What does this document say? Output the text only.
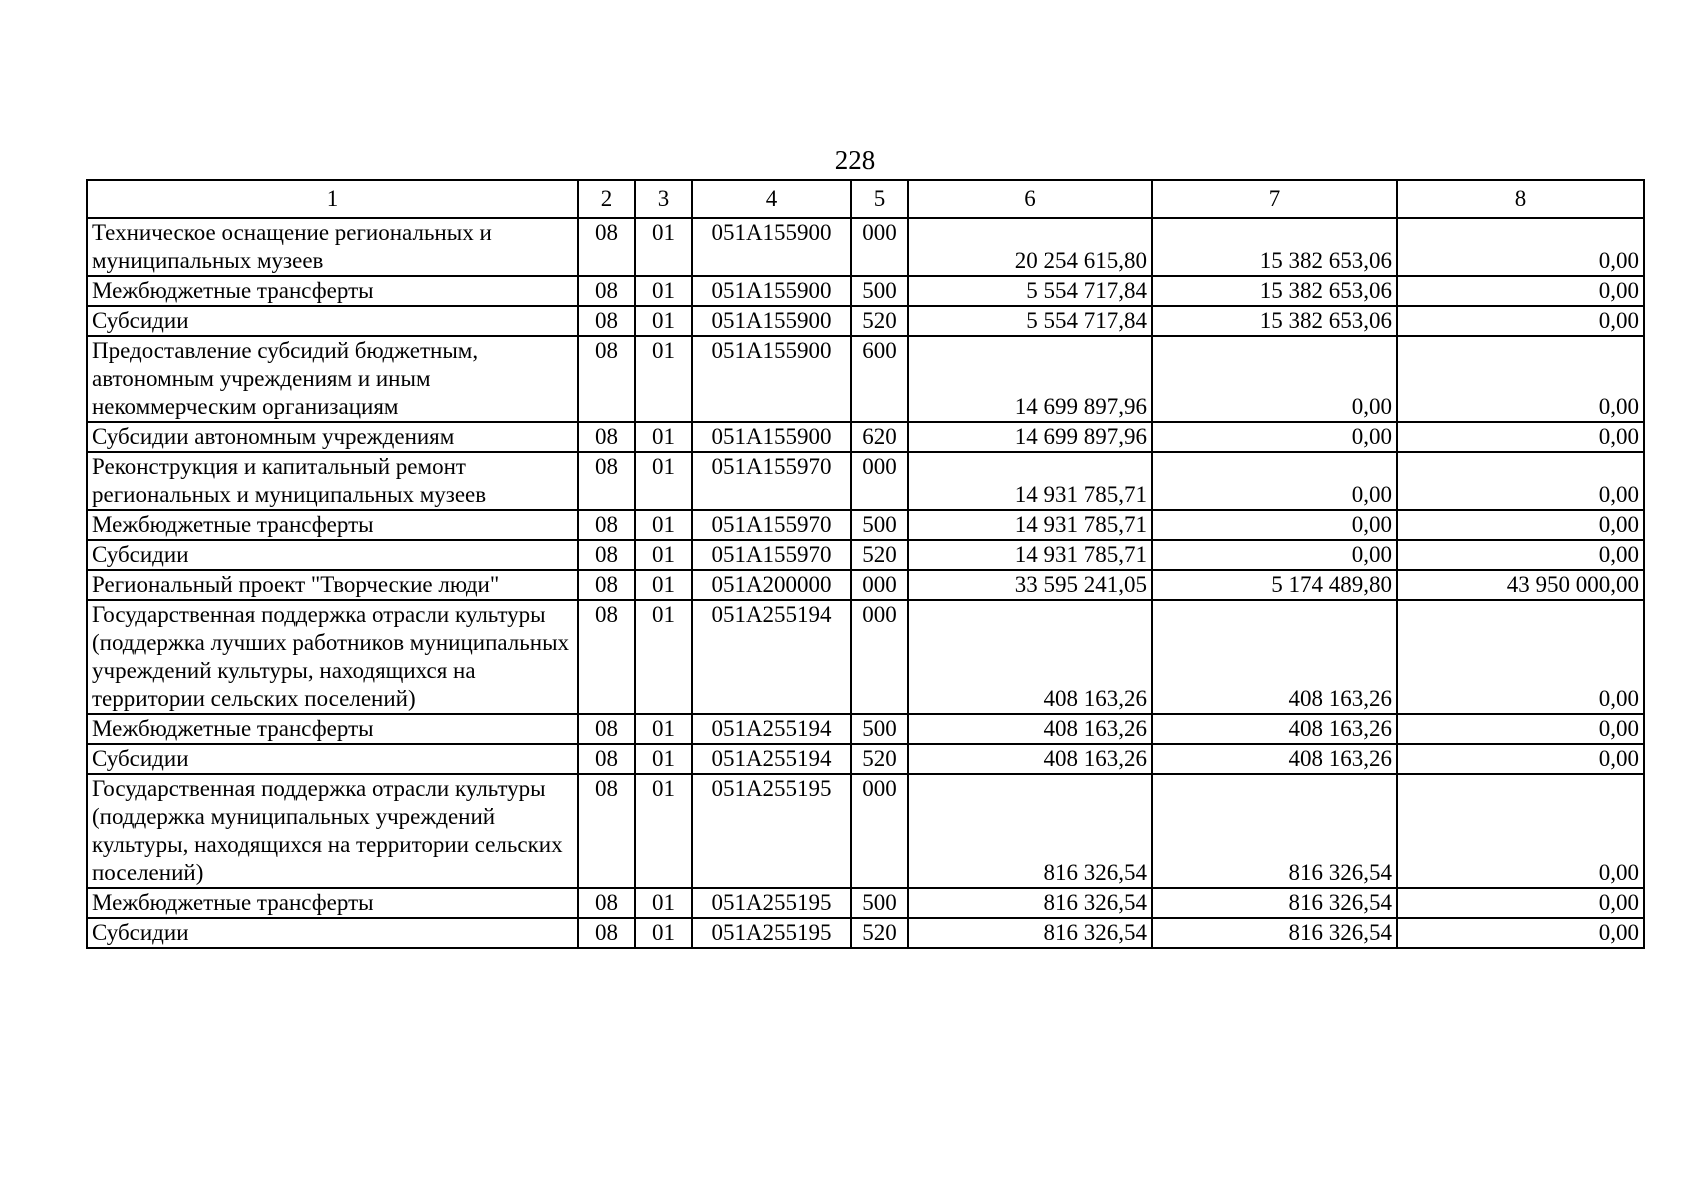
228
1	2	3	4	5	6	7	8
Техническое оснащение региональных и муниципальных музеев	08	01	051A155900	000	20 254 615,80	15 382 653,06	0,00
Межбюджетные трансферты	08	01	051A155900	500	5 554 717,84	15 382 653,06	0,00
Субсидии	08	01	051A155900	520	5 554 717,84	15 382 653,06	0,00
Предоставление субсидий бюджетным, автономным учреждениям и иным некоммерческим организациям	08	01	051A155900	600	14 699 897,96	0,00	0,00
Субсидии автономным учреждениям	08	01	051A155900	620	14 699 897,96	0,00	0,00
Реконструкция и капитальный ремонт региональных и муниципальных музеев	08	01	051A155970	000	14 931 785,71	0,00	0,00
Межбюджетные трансферты	08	01	051A155970	500	14 931 785,71	0,00	0,00
Субсидии	08	01	051A155970	520	14 931 785,71	0,00	0,00
Региональный проект "Творческие люди"	08	01	051A200000	000	33 595 241,05	5 174 489,80	43 950 000,00
Государственная поддержка отрасли культуры (поддержка лучших работников муниципальных учреждений культуры, находящихся на территории сельских поселений)	08	01	051A255194	000	408 163,26	408 163,26	0,00
Межбюджетные трансферты	08	01	051A255194	500	408 163,26	408 163,26	0,00
Субсидии	08	01	051A255194	520	408 163,26	408 163,26	0,00
Государственная поддержка отрасли культуры (поддержка муниципальных учреждений культуры, находящихся на территории сельских поселений)	08	01	051A255195	000	816 326,54	816 326,54	0,00
Межбюджетные трансферты	08	01	051A255195	500	816 326,54	816 326,54	0,00
Субсидии	08	01	051A255195	520	816 326,54	816 326,54	0,00
